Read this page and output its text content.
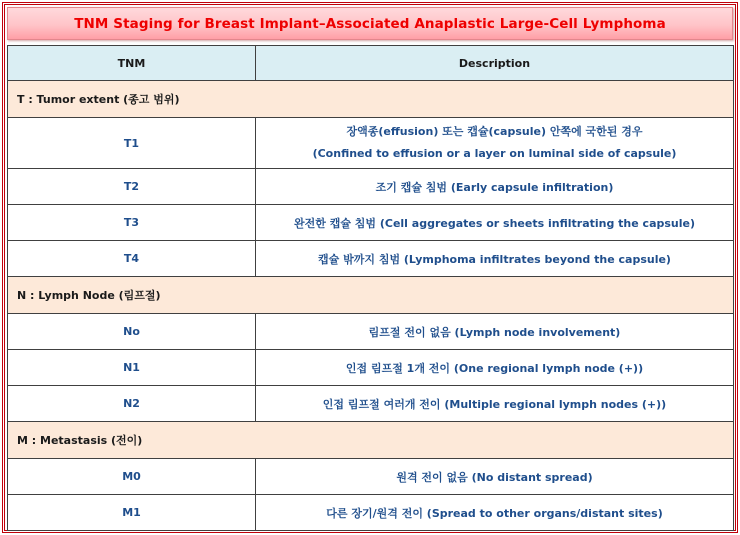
TNM Staging for Breast Implant–Associated Anaplastic Large-Cell Lymphoma
TNM	Description
T : Tumor extent (종고 범위)	
T1	장액종(effusion) 또는 캡슐(capsule) 안쪽에 국한된 경우
(Confined to effusion or a layer on luminal side of capsule)

T2	조기 캡슐 침범 (Early capsule infiltration)
T3	완전한 캡슐 침범 (Cell aggregates or sheets infiltrating the capsule)
T4	캡슐 밖까지 침범 (Lymphoma infiltrates beyond the capsule)
N : Lymph Node (림프절)	
No	림프절 전이 없음 (Lymph node involvement)
N1	인접 림프절 1개 전이 (One regional lymph node (+))
N2	인접 림프절 여러개 전이 (Multiple regional lymph nodes (+))
M : Metastasis (전이)	
M0	원격 전이 없음 (No distant spread)
M1	다른 장기/원격 전이 (Spread to other organs/distant sites)
